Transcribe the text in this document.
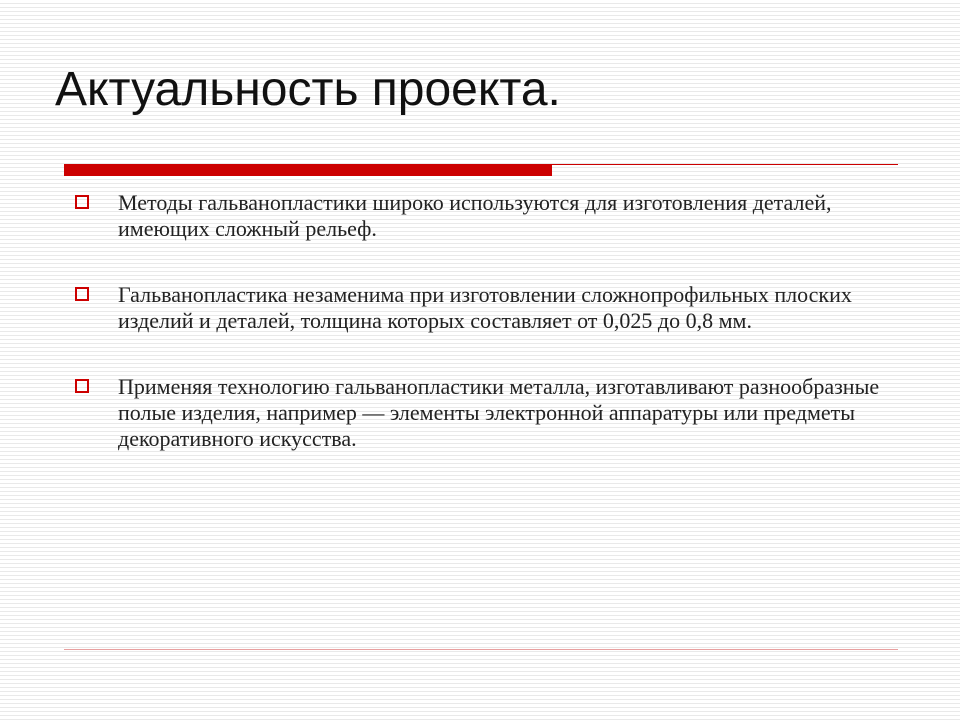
Актуальность проекта.
Методы гальванопластики широко используются для изготовления деталей, имеющих сложный рельеф.
Гальванопластика незаменима при изготовлении сложнопрофильных плоских изделий и деталей, толщина которых составляет от 0,025 до 0,8 мм.
Применяя технологию гальванопластики металла, изготавливают разнообразные полые изделия, например — элементы электронной аппаратуры или предметы декоративного искусства.
